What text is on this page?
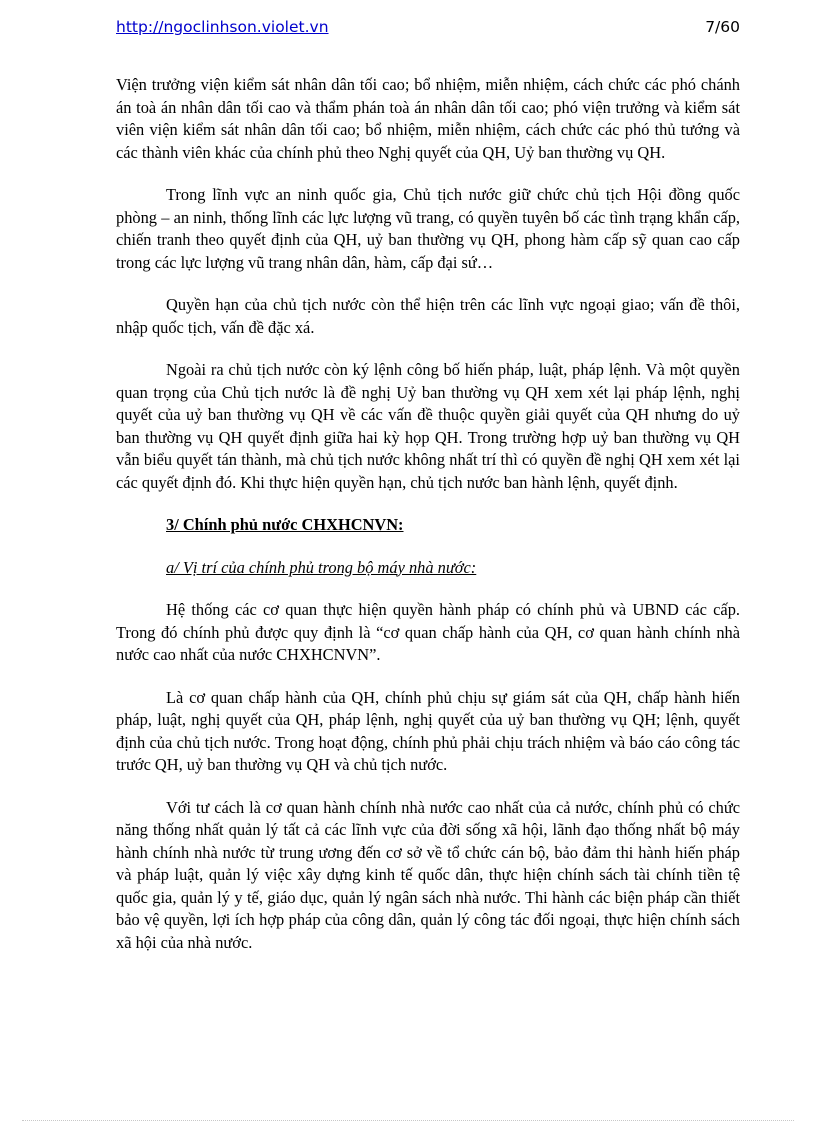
http://ngoclinhson.violet.vn	7/60

Viện trưởng viện kiểm sát nhân dân tối cao; bổ nhiệm, miễn nhiệm, cách chức các phó chánh án toà án nhân dân tối cao và thẩm phán toà án nhân dân tối cao; phó viện trưởng và kiểm sát viên viện kiểm sát nhân dân tối cao; bổ nhiệm, miễn nhiệm, cách chức các phó thủ tướng và các thành viên khác của chính phủ theo Nghị quyết của QH, Uỷ ban thường vụ QH.

Trong lĩnh vực an ninh quốc gia, Chủ tịch nước giữ chức chủ tịch Hội đồng quốc phòng – an ninh, thống lĩnh các lực lượng vũ trang, có quyền tuyên bố các tình trạng khẩn cấp, chiến tranh theo quyết định của QH, uỷ ban thường vụ QH, phong hàm cấp sỹ quan cao cấp trong các lực lượng vũ trang nhân dân, hàm, cấp đại sứ…

Quyền hạn của chủ tịch nước còn thể hiện trên các lĩnh vực ngoại giao; vấn đề thôi, nhập quốc tịch, vấn đề đặc xá.

Ngoài ra chủ tịch nước còn ký lệnh công bố hiến pháp, luật, pháp lệnh. Và một quyền quan trọng của Chủ tịch nước là đề nghị Uỷ ban thường vụ QH xem xét lại pháp lệnh, nghị quyết của uỷ ban thường vụ QH về các vấn đề thuộc quyền giải quyết của QH nhưng do uỷ ban thường vụ QH quyết định giữa hai kỳ họp QH. Trong trường hợp uỷ ban thường vụ QH vẫn biểu quyết tán thành, mà chủ tịch nước không nhất trí thì có quyền đề nghị QH xem xét lại các quyết định đó. Khi thực hiện quyền hạn, chủ tịch nước ban hành lệnh, quyết định.

3/ Chính phủ nước CHXHCNVN:
a/ Vị trí của chính phủ trong bộ máy nhà nước:

Hệ thống các cơ quan thực hiện quyền hành pháp có chính phủ và UBND các cấp. Trong đó chính phủ được quy định là “cơ quan chấp hành của QH, cơ quan hành chính nhà nước cao nhất của nước CHXHCNVN”.

Là cơ quan chấp hành của QH, chính phủ chịu sự giám sát của QH, chấp hành hiến pháp, luật, nghị quyết của QH, pháp lệnh, nghị quyết của uỷ ban thường vụ QH; lệnh, quyết định của chủ tịch nước. Trong hoạt động, chính phủ phải chịu trách nhiệm và báo cáo công tác trước QH, uỷ ban thường vụ QH và chủ tịch nước.

Với tư cách là cơ quan hành chính nhà nước cao nhất của cả nước, chính phủ có chức năng thống nhất quản lý tất cả các lĩnh vực của đời sống xã hội, lãnh đạo thống nhất bộ máy hành chính nhà nước từ trung ương đến cơ sở về tổ chức cán bộ, bảo đảm thi hành hiến pháp và pháp luật, quản lý việc xây dựng kinh tế quốc dân, thực hiện chính sách tài chính tiền tệ quốc gia, quản lý y tế, giáo dục, quản lý ngân sách nhà nước. Thi hành các biện pháp cần thiết bảo vệ quyền, lợi ích hợp pháp của công dân, quản lý công tác đối ngoại, thực hiện chính sách xã hội của nhà nước.
